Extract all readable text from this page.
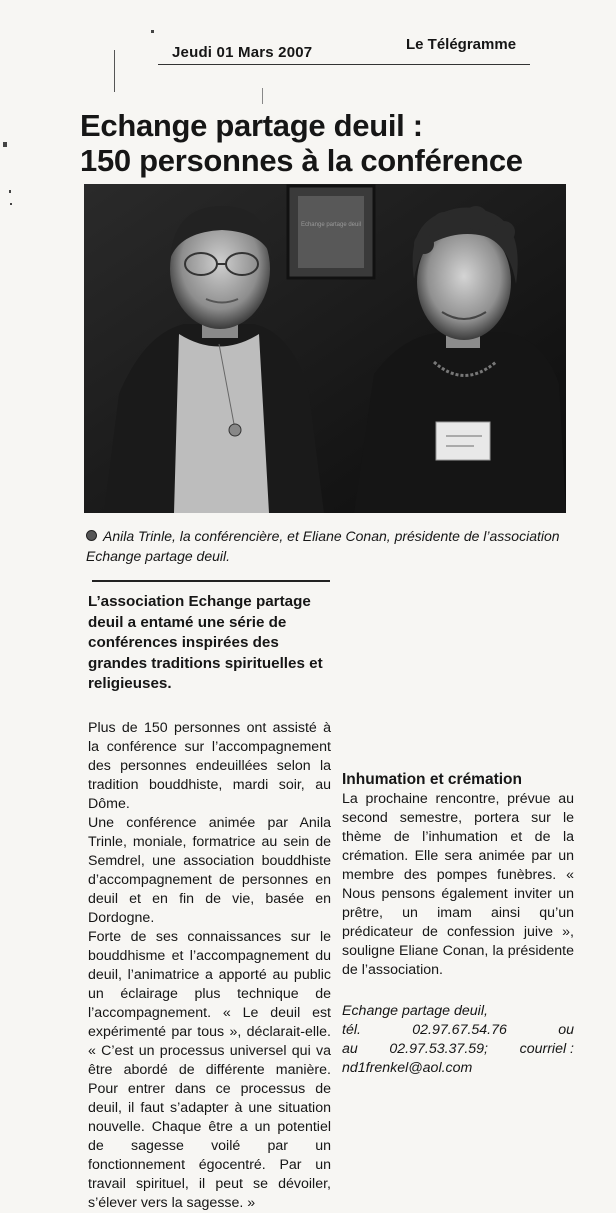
Jeudi 01 Mars 2007	Le Télégramme
Echange partage deuil :
150 personnes à la conférence
Echange partage deuil
Anila Trinle, la conférencière, et Eliane Conan, présidente de l’association Echange partage deuil.

L’association Echange partage deuil a entamé une série de conférences inspirées des grandes traditions spirituelles et religieuses.

Plus de 150 personnes ont assisté à la conférence sur l’accompagnement des personnes endeuillées selon la tradition bouddhiste, mardi soir, au Dôme.

Une conférence animée par Anila Trinle, moniale, formatrice au sein de Semdrel, une association bouddhiste d’accompagnement de personnes en deuil et en fin de vie, basée en Dordogne.

Forte de ses connaissances sur le bouddhisme et l’accompagnement du deuil, l’animatrice a apporté au public un éclairage plus technique de l’accompagnement. « Le deuil est expérimenté par tous », déclarait-elle. « C’est un processus universel qui va être abordé de différente manière. Pour entrer dans ce processus de deuil, il faut s’adapter à une situation nouvelle. Chaque être a un potentiel de sagesse voilé par un fonctionnement égocentré. Par un travail spirituel, il peut se dévoiler, s’élever vers la sagesse. »

Inhumation et crémation

La prochaine rencontre, prévue au second semestre, portera sur le thème de l’inhumation et de la crémation. Elle sera animée par un membre des pompes funèbres. « Nous pensons également inviter un prêtre, un imam ainsi qu’un prédicateur de confession juive », souligne Eliane Conan, la présidente de l’association.

Echange partage deuil,
tél.	02.97.67.54.76	ou
au 02.97.53.37.59; courriel :
nd1frenkel@aol.com
